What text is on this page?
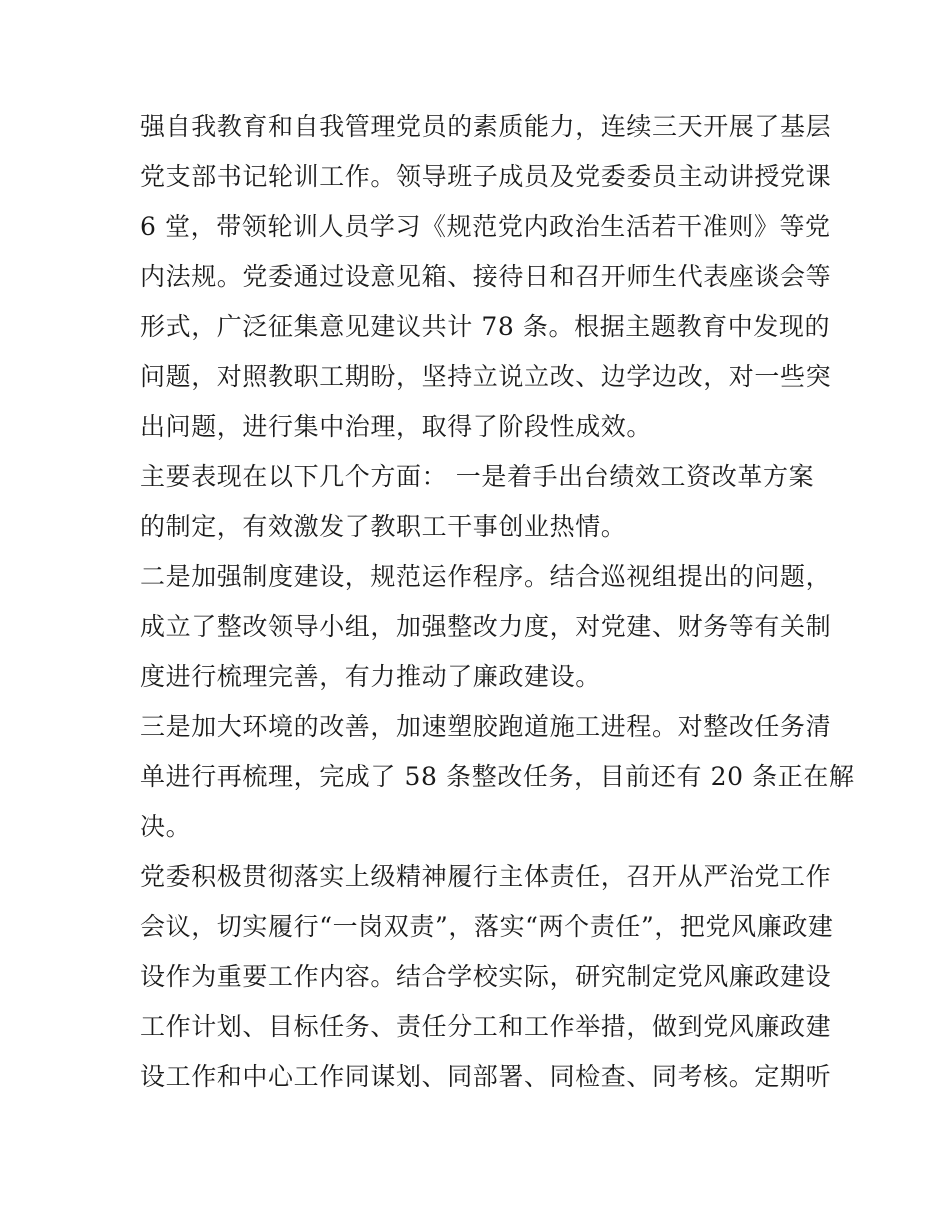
强自我教育和自我管理党员的素质能力，连续三天开展了基层
党支部书记轮训工作。领导班子成员及党委委员主动讲授党课
6 堂，带领轮训人员学习《规范党内政治生活若干准则》等党
内法规。党委通过设意见箱、接待日和召开师生代表座谈会等
形式，广泛征集意见建议共计 78 条。根据主题教育中发现的
问题，对照教职工期盼，坚持立说立改、边学边改，对一些突
出问题，进行集中治理，取得了阶段性成效。
主要表现在以下几个方面： 一是着手出台绩效工资改革方案
的制定，有效激发了教职工干事创业热情。
二是加强制度建设，规范运作程序。结合巡视组提出的问题，
成立了整改领导小组，加强整改力度，对党建、财务等有关制
度进行梳理完善，有力推动了廉政建设。
三是加大环境的改善，加速塑胶跑道施工进程。对整改任务清
单进行再梳理，完成了 58 条整改任务，目前还有 20 条正在解
决。
党委积极贯彻落实上级精神履行主体责任，召开从严治党工作
会议，切实履行“一岗双责”，落实“两个责任”，把党风廉政建
设作为重要工作内容。结合学校实际，研究制定党风廉政建设
工作计划、目标任务、责任分工和工作举措，做到党风廉政建
设工作和中心工作同谋划、同部署、同检查、同考核。定期听
